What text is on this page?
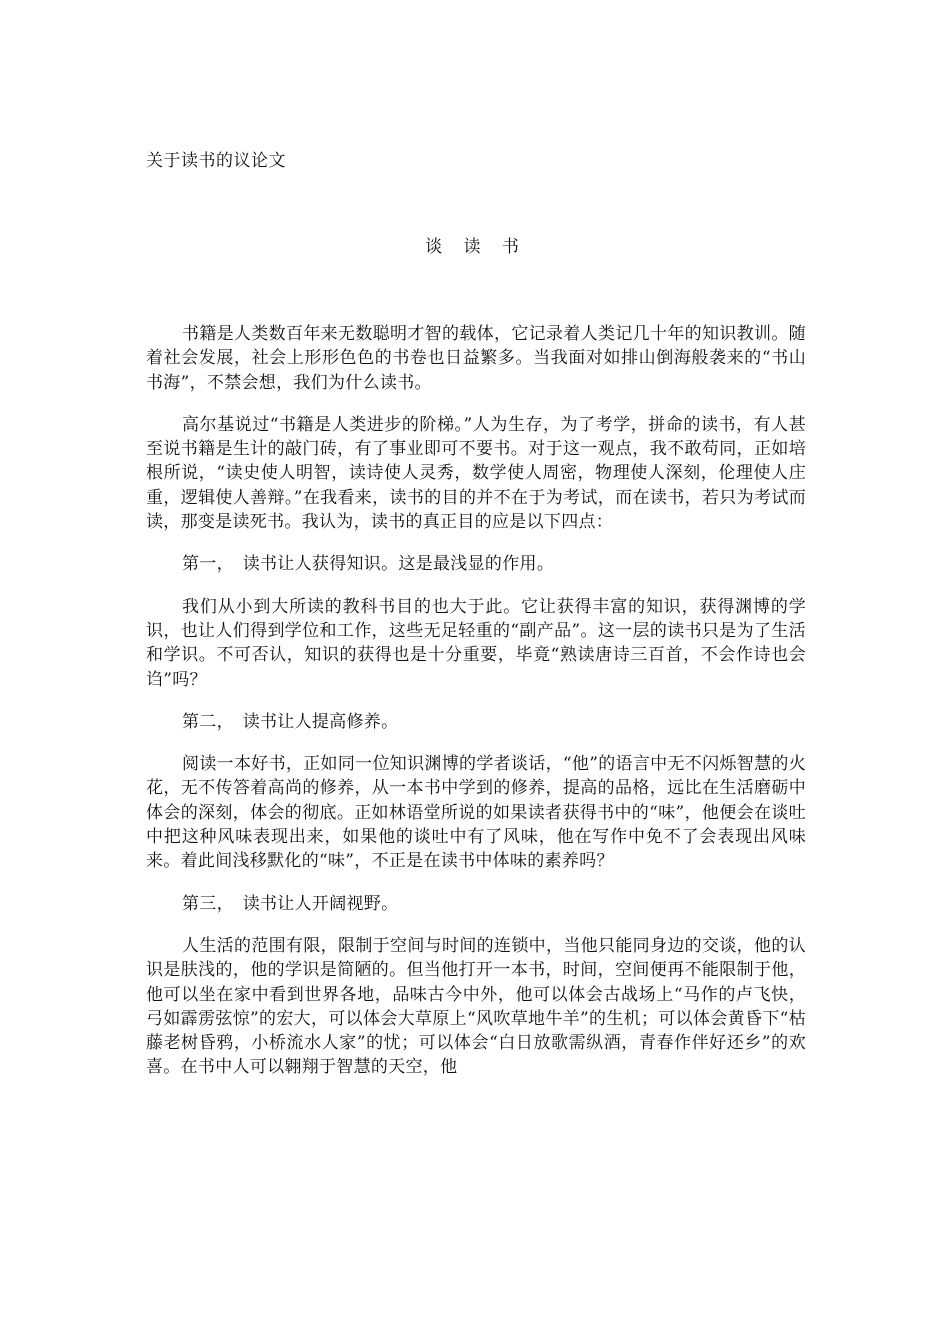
关于读书的议论文
谈 读 书

书籍是人类数百年来无数聪明才智的载体，它记录着人类记几十年的知识教训。随着社会发展，社会上形形色色的书卷也日益繁多。当我面对如排山倒海般袭来的“书山书海”，不禁会想，我们为什么读书。

高尔基说过“书籍是人类进步的阶梯。”人为生存，为了考学，拼命的读书，有人甚至说书籍是生计的敲门砖，有了事业即可不要书。对于这一观点，我不敢苟同，正如培根所说，“读史使人明智，读诗使人灵秀，数学使人周密，物理使人深刻，伦理使人庄重，逻辑使人善辩。”在我看来，读书的目的并不在于为考试，而在读书，若只为考试而读，那变是读死书。我认为，读书的真正目的应是以下四点：

第一，　读书让人获得知识。这是最浅显的作用。

我们从小到大所读的教科书目的也大于此。它让获得丰富的知识，获得渊博的学识，也让人们得到学位和工作，这些无足轻重的“副产品”。这一层的读书只是为了生活和学识。不可否认，知识的获得也是十分重要，毕竟“熟读唐诗三百首，不会作诗也会诌”吗？

第二，　读书让人提高修养。

阅读一本好书，正如同一位知识渊博的学者谈话，“他”的语言中无不闪烁智慧的火花，无不传答着高尚的修养，从一本书中学到的修养，提高的品格，远比在生活磨砺中体会的深刻，体会的彻底。正如林语堂所说的如果读者获得书中的“味”，他便会在谈吐中把这种风味表现出来，如果他的谈吐中有了风味，他在写作中免不了会表现出风味来。着此间浅移默化的“味”，不正是在读书中体味的素养吗？

第三，　读书让人开阔视野。

人生活的范围有限，限制于空间与时间的连锁中，当他只能同身边的交谈，他的认识是肤浅的，他的学识是简陋的。但当他打开一本书，时间，空间便再不能限制于他，他可以坐在家中看到世界各地，品味古今中外，他可以体会古战场上“马作的卢飞快，弓如霹雳弦惊”的宏大，可以体会大草原上“风吹草地牛羊”的生机；可以体会黄昏下“枯藤老树昏鸦，小桥流水人家”的忧；可以体会“白日放歌需纵酒，青春作伴好还乡”的欢喜。在书中人可以翱翔于智慧的天空，他
